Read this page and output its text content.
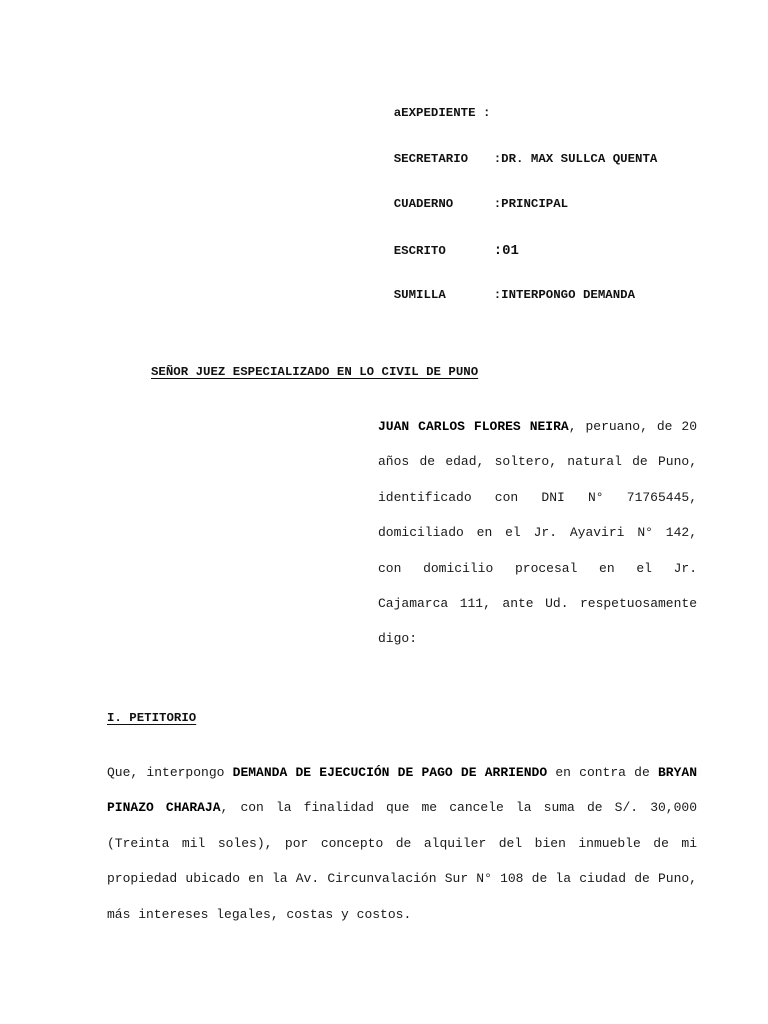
aEXPEDIENTE :

SECRETARIO :DR. MAX SULLCA QUENTA

CUADERNO	:PRINCIPAL

ESCRITO	:01

SUMILLA	:INTERPONGO DEMANDA

SEÑOR JUEZ ESPECIALIZADO EN LO CIVIL DE PUNO
JUAN CARLOS FLORES NEIRA, peruano, de 20 años de edad, soltero, natural de Puno, identificado con DNI N° 71765445, domiciliado en el Jr. Ayaviri N° 142, con domicilio procesal en el Jr. Cajamarca 111, ante Ud. respetuosamente digo:
I. PETITORIO
Que, interpongo DEMANDA DE EJECUCIÓN DE PAGO DE ARRIENDO en contra de BRYAN PINAZO CHARAJA, con la finalidad que me cancele la suma de S/. 30,000 (Treinta mil soles), por concepto de alquiler del bien inmueble de mi propiedad ubicado en la Av. Circunvalación Sur N° 108 de la ciudad de Puno, más intereses legales, costas y costos.
